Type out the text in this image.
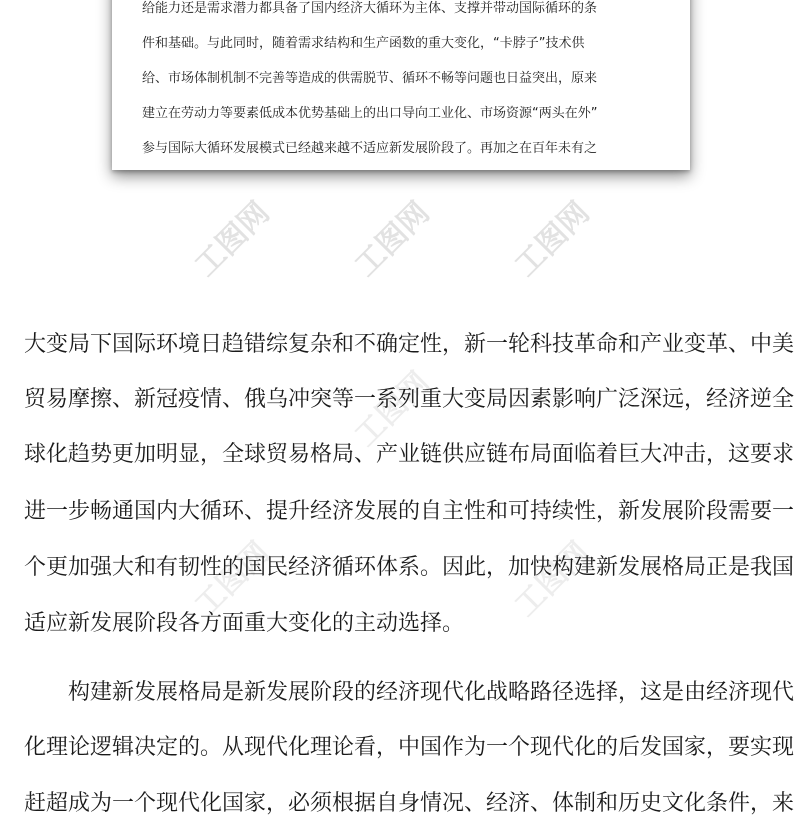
工图网 工图网 工图网
工图网
工图网	工图网
给能力还是需求潜力都具备了国内经济大循环为主体、支撑并带动国际循环的条
件和基础。与此同时，随着需求结构和生产函数的重大变化，“卡脖子”技术供
给、市场体制机制不完善等造成的供需脱节、循环不畅等问题也日益突出，原来
建立在劳动力等要素低成本优势基础上的出口导向工业化、市场资源“两头在外”
参与国际大循环发展模式已经越来越不适应新发展阶段了。再加之在百年未有之
大变局下国际环境日趋错综复杂和不确定性，新一轮科技革命和产业变革、中美
贸易摩擦、新冠疫情、俄乌冲突等一系列重大变局因素影响广泛深远，经济逆全
球化趋势更加明显，全球贸易格局、产业链供应链布局面临着巨大冲击，这要求
进一步畅通国内大循环、提升经济发展的自主性和可持续性，新发展阶段需要一
个更加强大和有韧性的国民经济循环体系。因此，加快构建新发展格局正是我国
适应新发展阶段各方面重大变化的主动选择。
构建新发展格局是新发展阶段的经济现代化战略路径选择，这是由经济现代
化理论逻辑决定的。从现代化理论看，中国作为一个现代化的后发国家，要实现
赶超成为一个现代化国家，必须根据自身情况、经济、体制和历史文化条件，来
